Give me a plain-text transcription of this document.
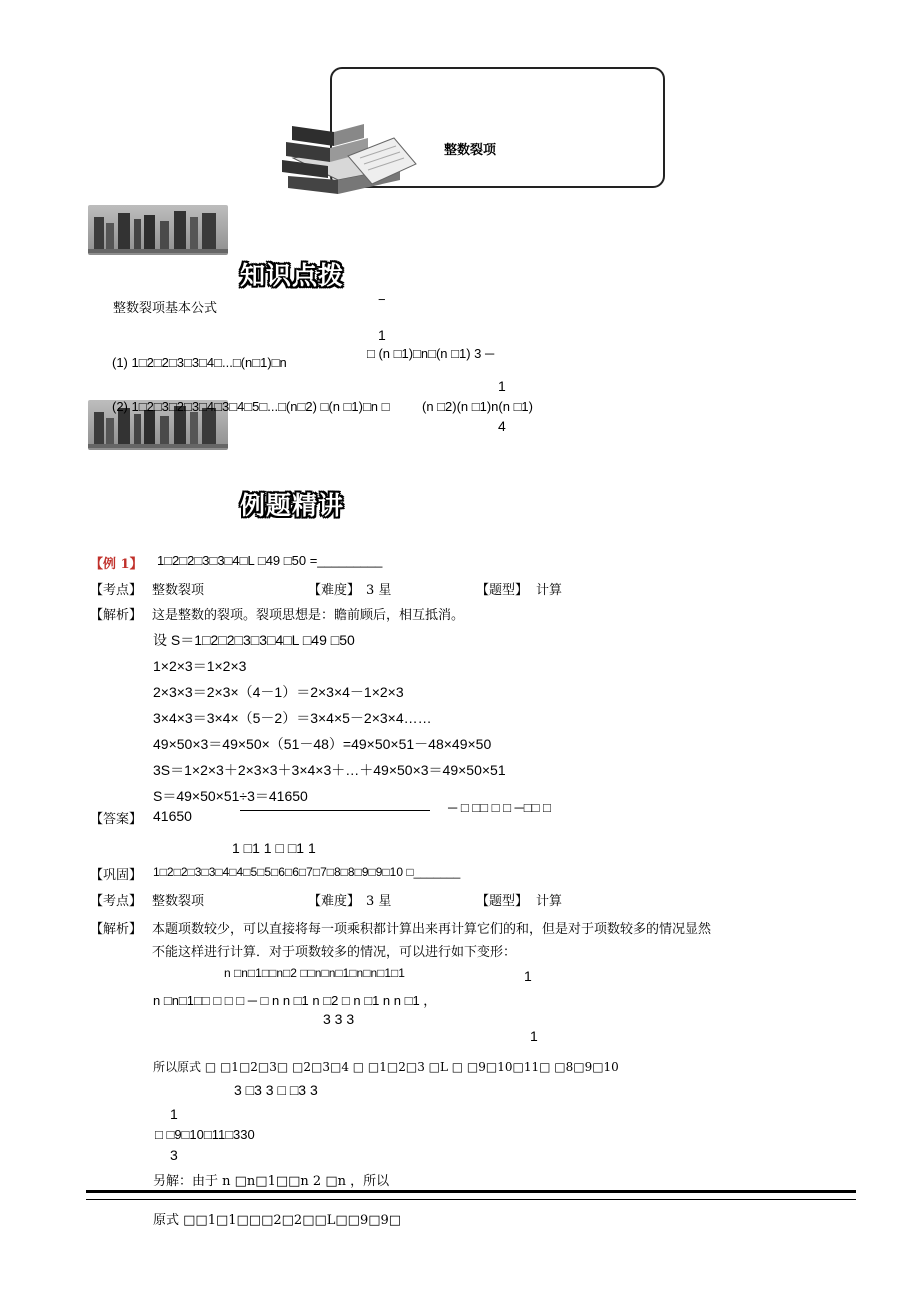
整数裂项
知识点拨
整数裂项基本公式
−
1
(1) 1□2□2□3□3□4□...□(n□1)□n
□ (n □1)□n□(n □1) 3 ─
1
(2) 1□2□3□2□3□4□3□4□5□...□(n□2) □(n □1)□n □	(n □2)(n □1)n(n □1)
4
例题精讲
【例 1】 1□2□2□3□3□4□L □49 □50 =_________
【考点】 整数裂项	【难度】 3 星	【题型】 计算
【解析】 这是整数的裂项。裂项思想是：瞻前顾后，相互抵消。
设 S＝1□2□2□3□3□4□L □49 □50
1×2×3＝1×2×3
2×3×3＝2×3×（4－1）＝2×3×4－1×2×3
3×4×3＝3×4×（5－2）＝3×4×5－2×3×4……
49×50×3＝49×50×（51－48）=49×50×51－48×49×50
3S＝1×2×3＋2×3×3＋3×4×3＋…＋49×50×3＝49×50×51
S＝49×50×51÷3＝41650
【答案】 41650
─ □ □□ □ □ ─□□ □
1 □1 1 □ □1 1
【巩固】 1□2□2□3□3□4□4□5□5□6□6□7□7□8□8□9□9□10 □_______
【考点】 整数裂项	【难度】 3 星	【题型】 计算
【解析】 本题项数较少，可以直接将每一项乘积都计算出来再计算它们的和，但是对于项数较多的情况显然
不能这样进行计算．对于项数较多的情况，可以进行如下变形：
n □n□1□□n□2 □□n□n□1□n□n□1□1	1
n □n□1□□ □ □ □ ─ □ n n □1 n □2 □ n □1 n n □1 ，
3 3 3
1
所以原式 □ □1□2□3□ □2□3□4 □ □1□2□3 □L □ □9□10□11□ □8□9□10
3 □3 3 □ □3 3
1
□ □9□10□11□330
3
另解：由于 n □n□1□□n 2 □n ，所以
原式 □□1□1□□□2□2□□L□□9□9□
